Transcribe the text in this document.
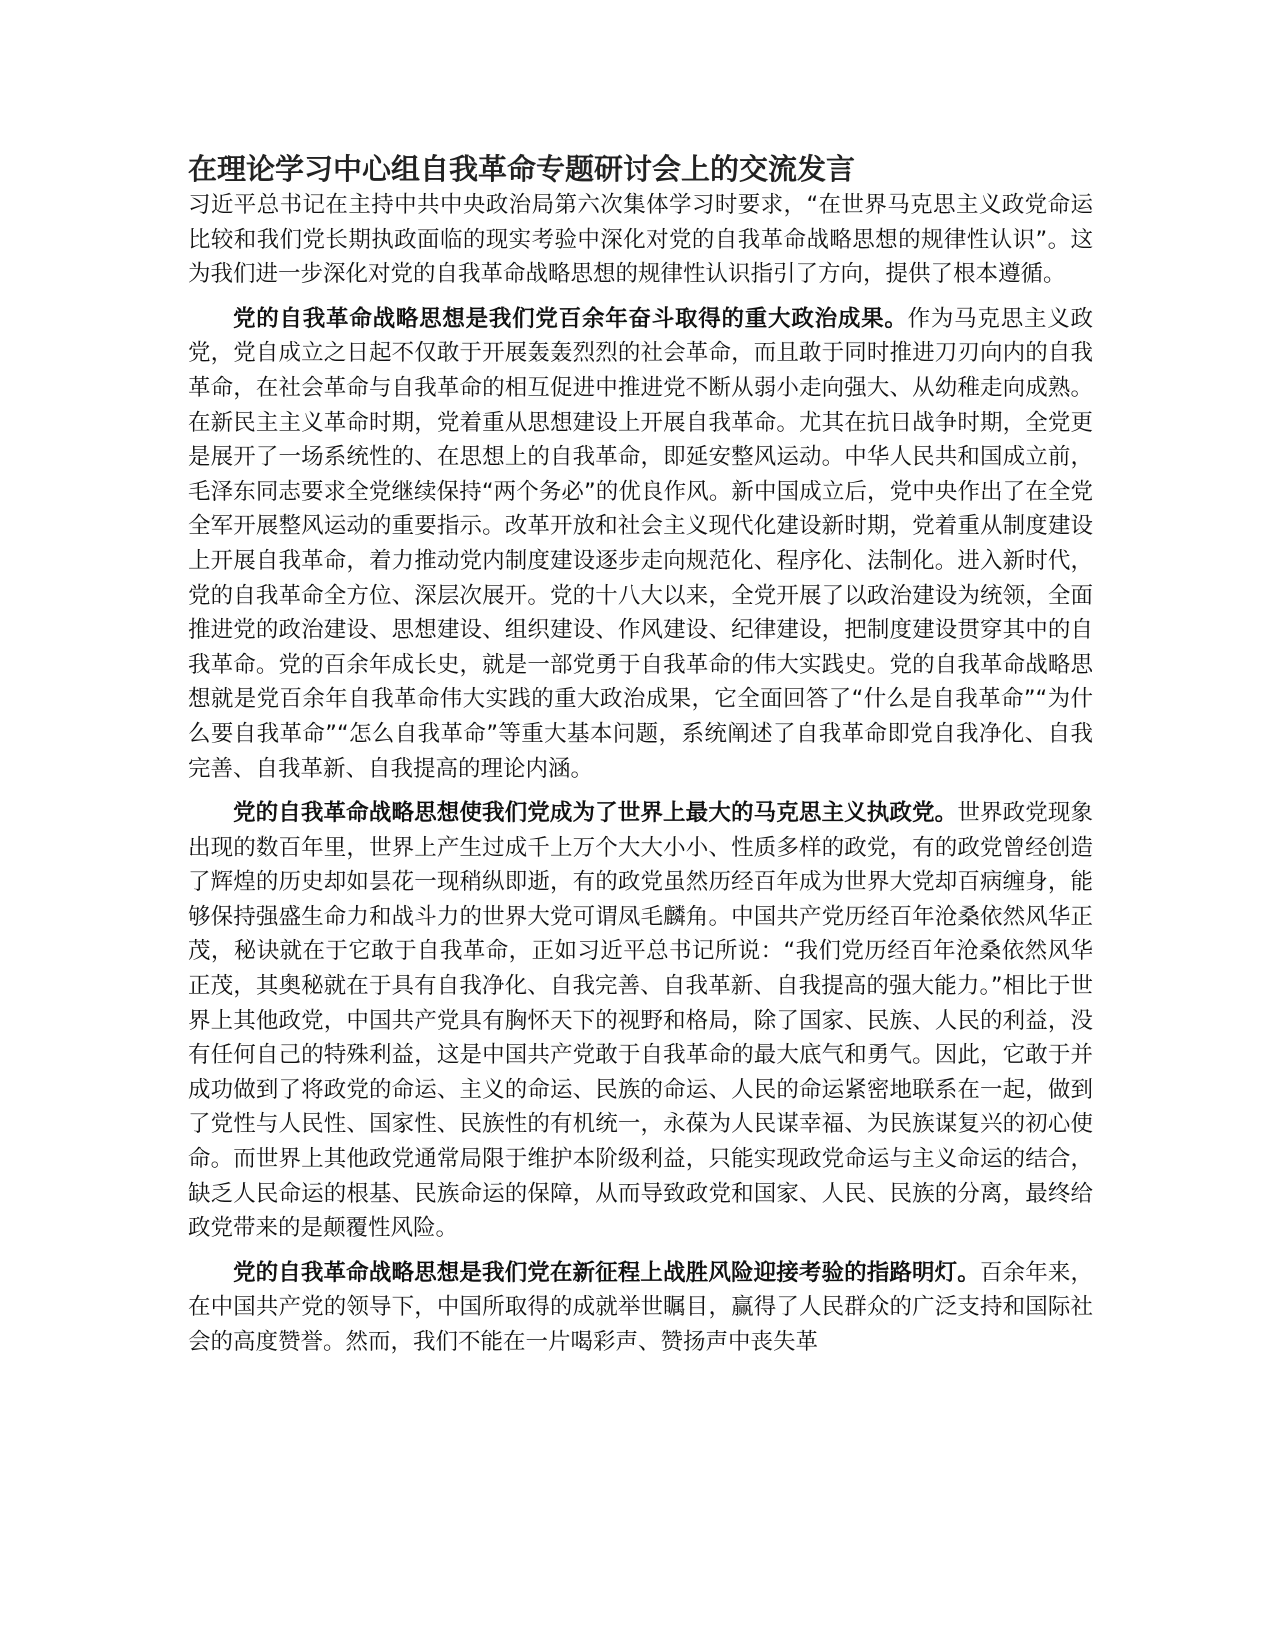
在理论学习中心组自我革命专题研讨会上的交流发言

习近平总书记在主持中共中央政治局第六次集体学习时要求，“在世界马克思主义政党命运比较和我们党长期执政面临的现实考验中深化对党的自我革命战略思想的规律性认识”。这为我们进一步深化对党的自我革命战略思想的规律性认识指引了方向，提供了根本遵循。

党的自我革命战略思想是我们党百余年奋斗取得的重大政治成果。作为马克思主义政党，党自成立之日起不仅敢于开展轰轰烈烈的社会革命，而且敢于同时推进刀刃向内的自我革命，在社会革命与自我革命的相互促进中推进党不断从弱小走向强大、从幼稚走向成熟。在新民主主义革命时期，党着重从思想建设上开展自我革命。尤其在抗日战争时期，全党更是展开了一场系统性的、在思想上的自我革命，即延安整风运动。中华人民共和国成立前，毛泽东同志要求全党继续保持“两个务必”的优良作风。新中国成立后，党中央作出了在全党全军开展整风运动的重要指示。改革开放和社会主义现代化建设新时期，党着重从制度建设上开展自我革命，着力推动党内制度建设逐步走向规范化、程序化、法制化。进入新时代，党的自我革命全方位、深层次展开。党的十八大以来，全党开展了以政治建设为统领，全面推进党的政治建设、思想建设、组织建设、作风建设、纪律建设，把制度建设贯穿其中的自我革命。党的百余年成长史，就是一部党勇于自我革命的伟大实践史。党的自我革命战略思想就是党百余年自我革命伟大实践的重大政治成果，它全面回答了“什么是自我革命”“为什么要自我革命”“怎么自我革命”等重大基本问题，系统阐述了自我革命即党自我净化、自我完善、自我革新、自我提高的理论内涵。

党的自我革命战略思想使我们党成为了世界上最大的马克思主义执政党。世界政党现象出现的数百年里，世界上产生过成千上万个大大小小、性质多样的政党，有的政党曾经创造了辉煌的历史却如昙花一现稍纵即逝，有的政党虽然历经百年成为世界大党却百病缠身，能够保持强盛生命力和战斗力的世界大党可谓凤毛麟角。中国共产党历经百年沧桑依然风华正茂，秘诀就在于它敢于自我革命，正如习近平总书记所说：“我们党历经百年沧桑依然风华正茂，其奥秘就在于具有自我净化、自我完善、自我革新、自我提高的强大能力。”相比于世界上其他政党，中国共产党具有胸怀天下的视野和格局，除了国家、民族、人民的利益，没有任何自己的特殊利益，这是中国共产党敢于自我革命的最大底气和勇气。因此，它敢于并成功做到了将政党的命运、主义的命运、民族的命运、人民的命运紧密地联系在一起，做到了党性与人民性、国家性、民族性的有机统一，永葆为人民谋幸福、为民族谋复兴的初心使命。而世界上其他政党通常局限于维护本阶级利益，只能实现政党命运与主义命运的结合，缺乏人民命运的根基、民族命运的保障，从而导致政党和国家、人民、民族的分离，最终给政党带来的是颠覆性风险。

党的自我革命战略思想是我们党在新征程上战胜风险迎接考验的指路明灯。百余年来，在中国共产党的领导下，中国所取得的成就举世瞩目，赢得了人民群众的广泛支持和国际社会的高度赞誉。然而，我们不能在一片喝彩声、赞扬声中丧失革
